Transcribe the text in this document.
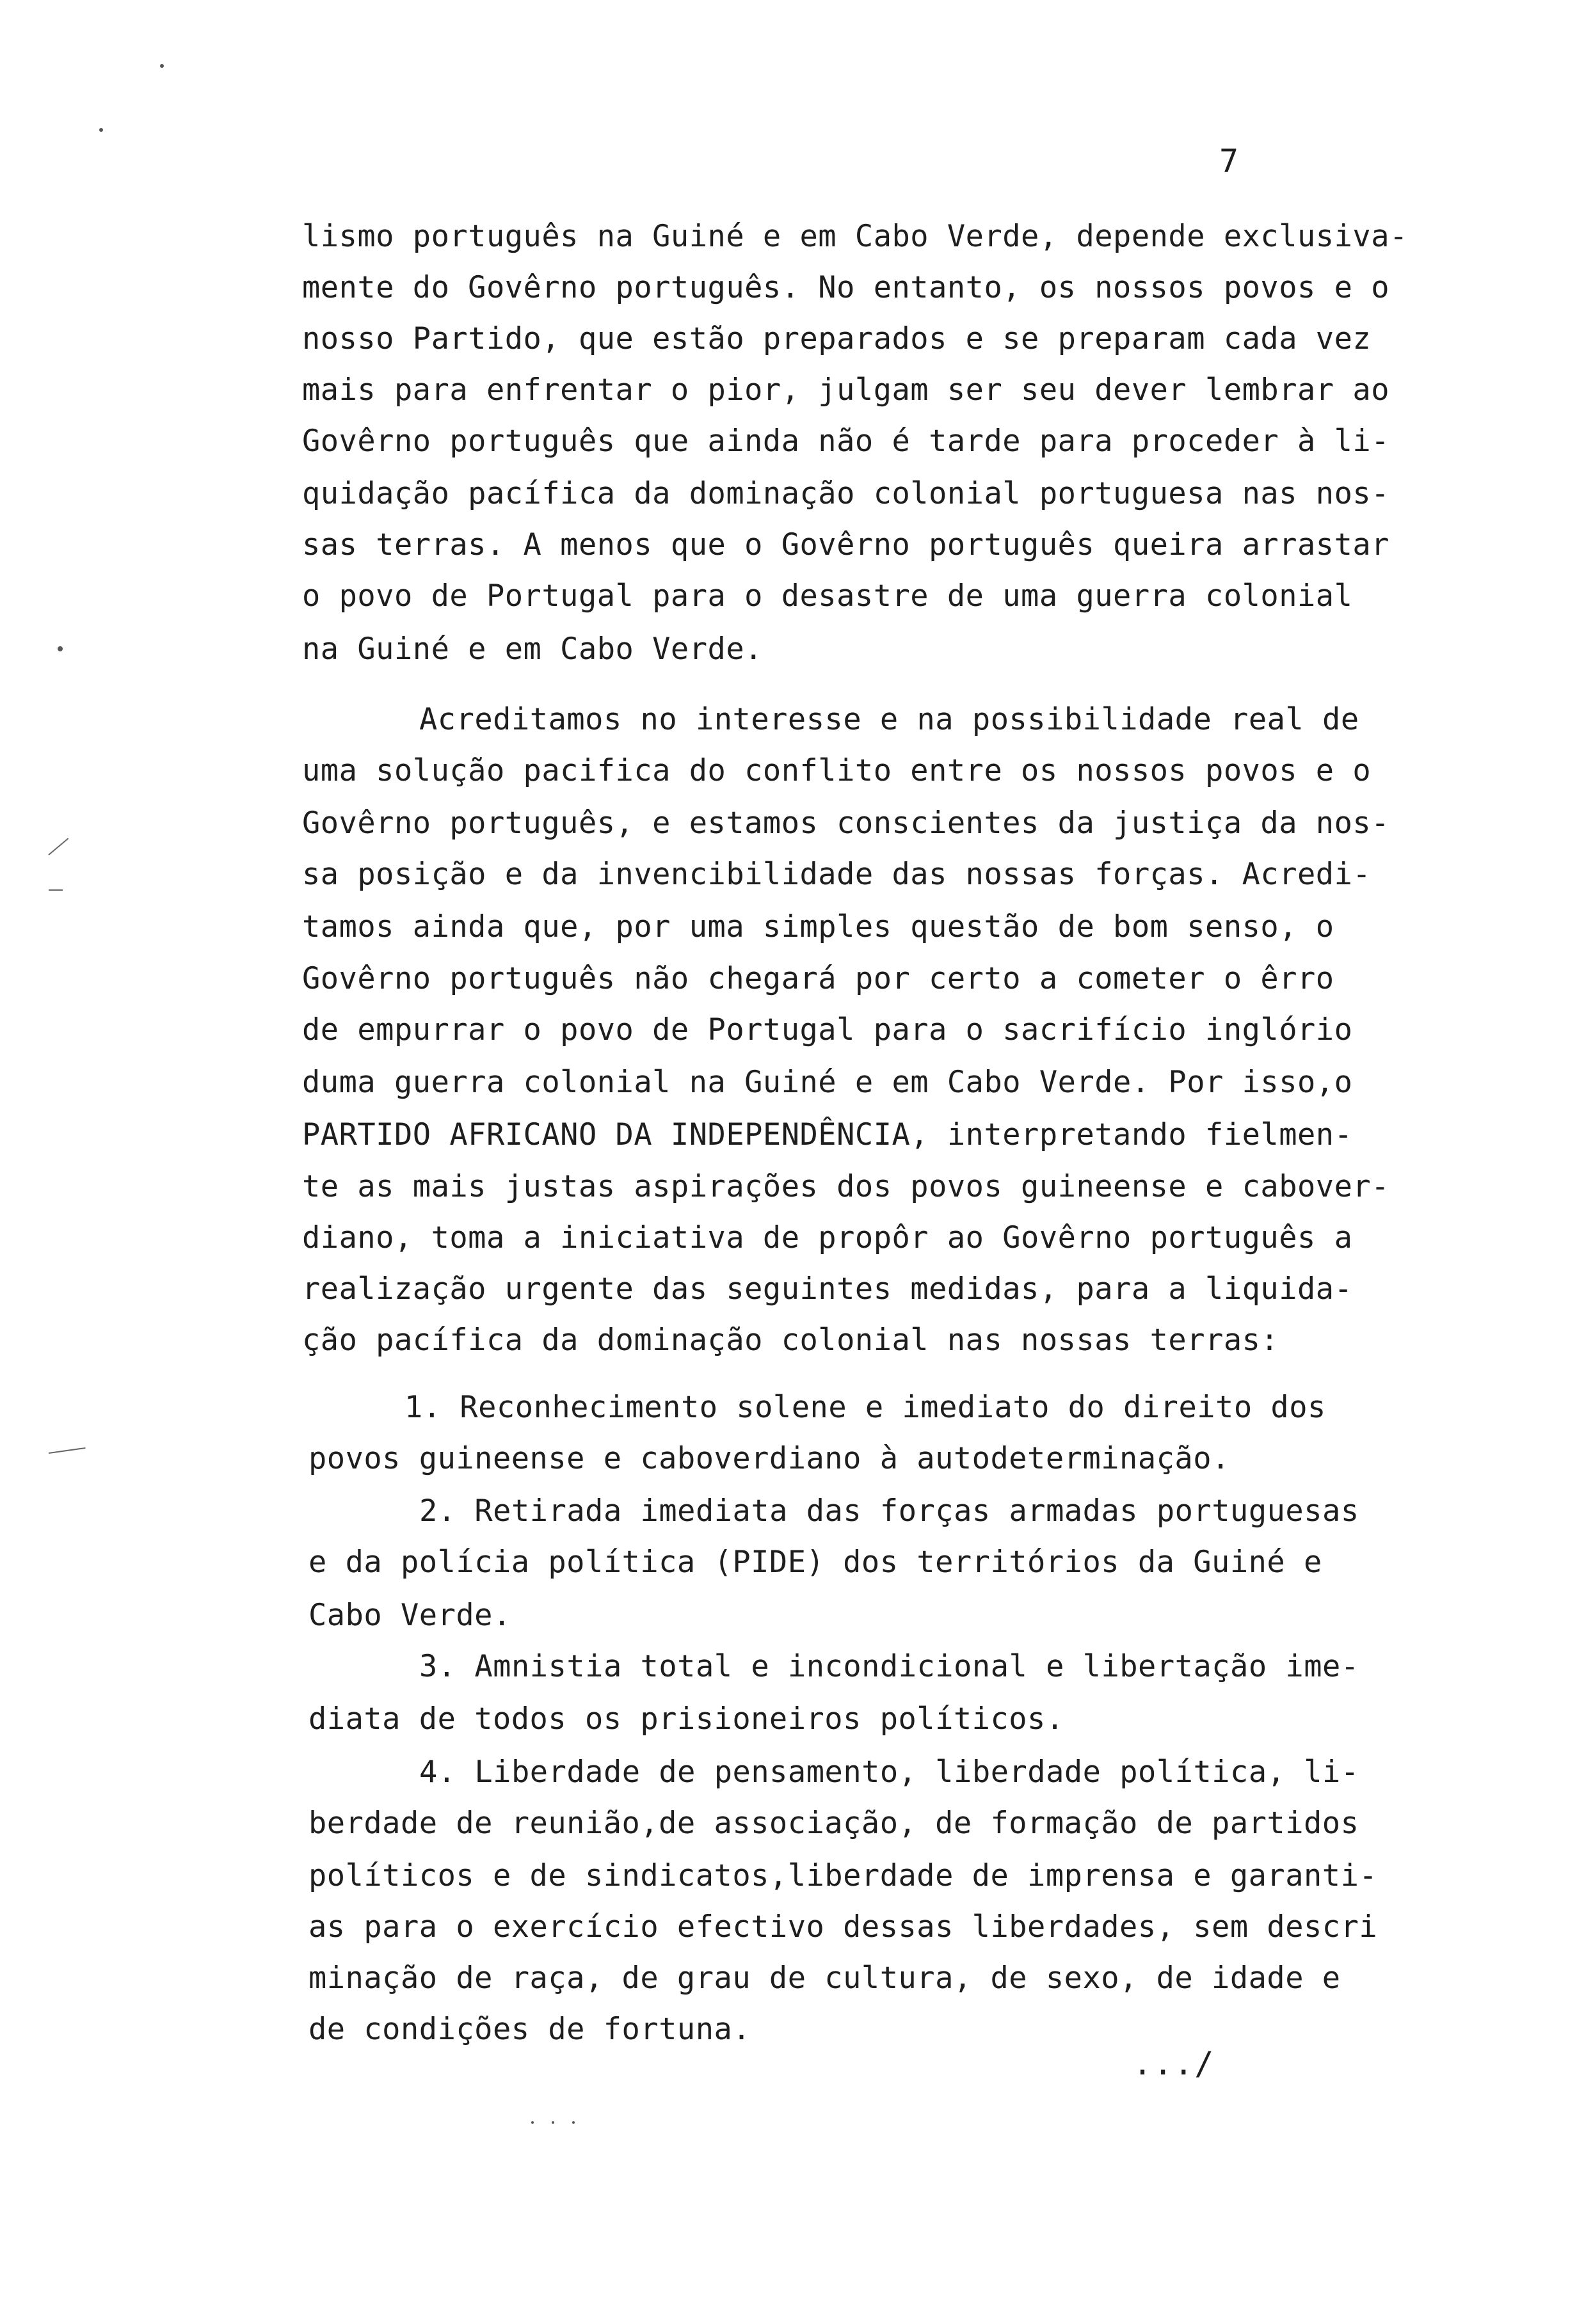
7
lismo português na Guiné e em Cabo Verde, depende exclusiva-
mente do Govêrno português. No entanto, os nossos povos e o
nosso Partido, que estão preparados e se preparam cada vez
mais para enfrentar o pior, julgam ser seu dever lembrar ao
Govêrno português que ainda não é tarde para proceder à li-
quidação pacífica da dominação colonial portuguesa nas nos-
sas terras. A menos que o Govêrno português queira arrastar
o povo de Portugal para o desastre de uma guerra colonial
na Guiné e em Cabo Verde.
Acreditamos no interesse e na possibilidade real de
uma solução pacifica do conflito entre os nossos povos e o
Govêrno português, e estamos conscientes da justiça da nos-
sa posição e da invencibilidade das nossas forças. Acredi-
tamos ainda que, por uma simples questão de bom senso, o
Govêrno português não chegará por certo a cometer o êrro
de empurrar o povo de Portugal para o sacrifício inglório
duma guerra colonial na Guiné e em Cabo Verde. Por isso,o
PARTIDO AFRICANO DA INDEPENDÊNCIA, interpretando fielmen-
te as mais justas aspirações dos povos guineense e cabover-
diano, toma a iniciativa de propôr ao Govêrno português a
realização urgente das seguintes medidas, para a liquida-
ção pacífica da dominação colonial nas nossas terras:
1. Reconhecimento solene e imediato do direito dos
povos guineense e caboverdiano à autodeterminação.
2. Retirada imediata das forças armadas portuguesas
e da polícia política (PIDE) dos territórios da Guiné e
Cabo Verde.
3. Amnistia total e incondicional e libertação ime-
diata de todos os prisioneiros políticos.
4. Liberdade de pensamento, liberdade política, li-
berdade de reunião,de associação, de formação de partidos
políticos e de sindicatos,liberdade de imprensa e garanti-
as para o exercício efectivo dessas liberdades, sem descri
minação de raça, de grau de cultura, de sexo, de idade e
de condições de fortuna.
.../
